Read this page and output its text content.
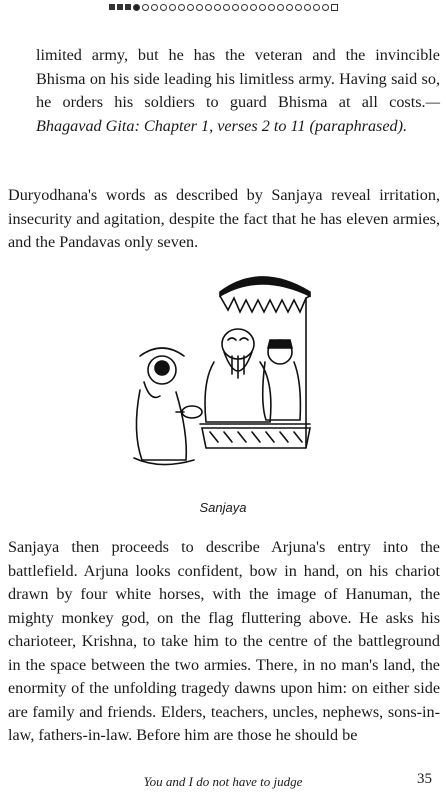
limited army, but he has the veteran and the invincible Bhisma on his side leading his limitless army. Having said so, he orders his soldiers to guard Bhisma at all costs.—Bhagavad Gita: Chapter 1, verses 2 to 11 (paraphrased).

Duryodhana's words as described by Sanjaya reveal irritation, insecurity and agitation, despite the fact that he has eleven armies, and the Pandavas only seven.

Sanjaya

Sanjaya then proceeds to describe Arjuna's entry into the battlefield. Arjuna looks confident, bow in hand, on his chariot drawn by four white horses, with the image of Hanuman, the mighty monkey god, on the flag fluttering above. He asks his charioteer, Krishna, to take him to the centre of the battleground in the space between the two armies. There, in no man's land, the enormity of the unfolding tragedy dawns upon him: on either side are family and friends. Elders, teachers, uncles, nephews, sons-in-law, fathers-in-law. Before him are those he should be

You and I do not have to judge	35
